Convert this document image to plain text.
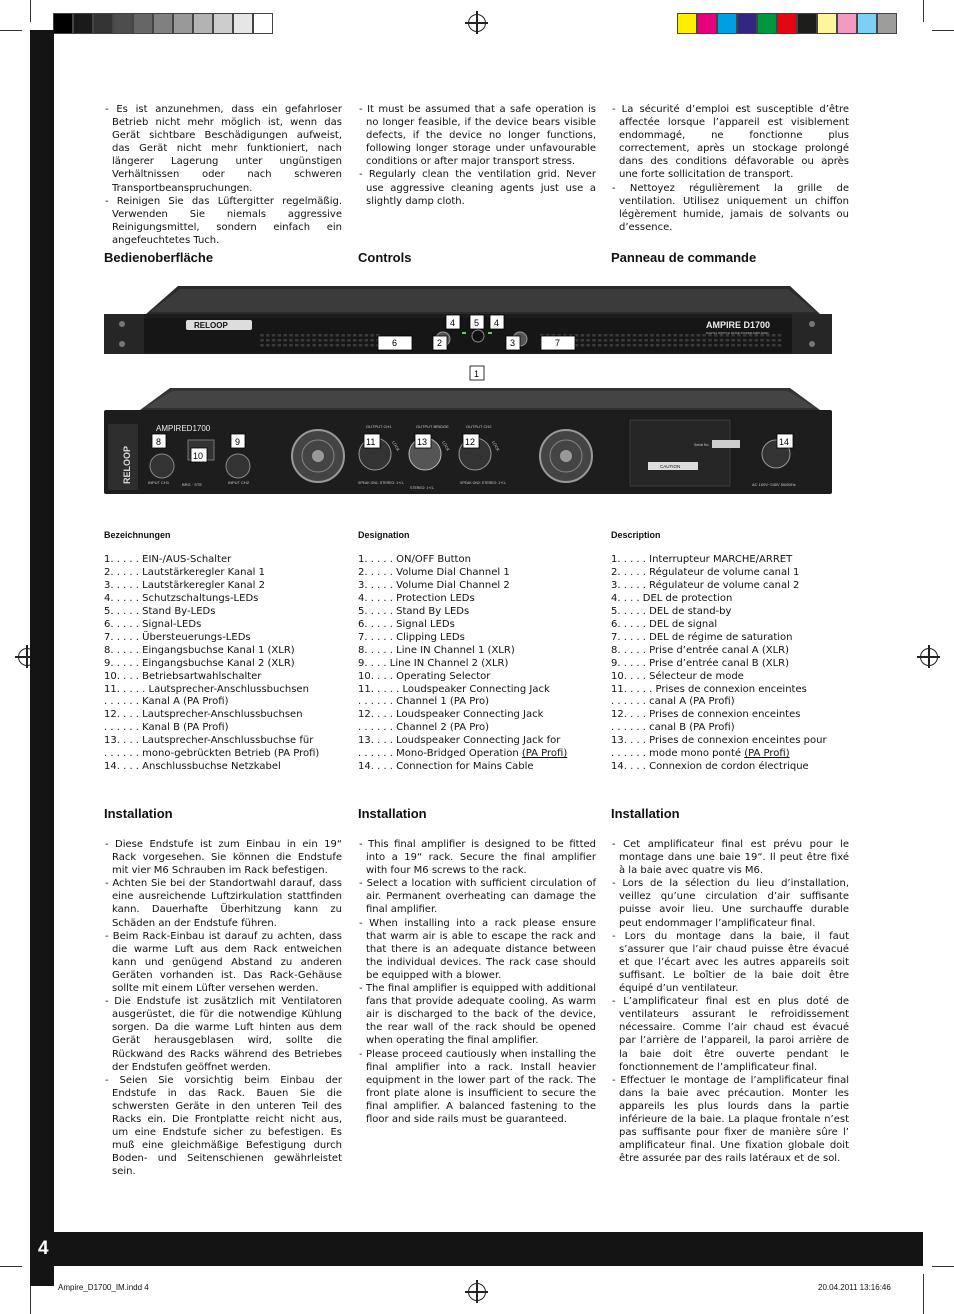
4

- Es ist anzunehmen, dass ein gefahrloser Betrieb nicht mehr möglich ist, wenn das Gerät sichtbare Beschädigungen aufweist, das Gerät nicht mehr funktioniert, nach längerer Lagerung unter ungünstigen Verhältnissen oder nach schweren Transportbeanspruchungen.

- Reinigen Sie das Lüftergitter regelmäßig. Verwenden Sie niemals aggressive Reinigungsmittel, sondern einfach ein angefeuchtetes Tuch.

- It must be assumed that a safe operation is no longer feasible, if the device bears visible defects, if the device no longer functions, following longer storage under unfavourable conditions or after major transport stress.

- Regularly clean the ventilation grid. Never use aggressive cleaning agents just use a slightly damp cloth.

- La sécurité d’emploi est susceptible d’être affectée lorsque l’appareil est visiblement endommagé, ne fonctionne plus correctement, après un stockage prolongé dans des conditions défavorable ou après une forte sollicitation de transport.

- Nettoyez régulièrement la grille de ventilation. Utilisez uniquement un chiffon légèrement humide, jamais de solvants ou d’essence.

Bedienoberfläche	Controls	Panneau de commande
RELOOP	AMPIRE D1700
DIGITAL SWITCH MODE POWER AMPLIFIER
4 5 4
6	2	3	7
1
RELOOP
AMPIRED1700
INPUT CH1	INPUT CH2
BRG · STE
OUTPUT CH1	OUTPUT BRIDGE	OUTPUT CH2
LOCK	LOCK	LOCK
SPEAK ON1: STEREO: 1+/1-
STEREO: 1+/1-
SPEAK ON2: STEREO: 1+/1-
CAUTION
Serial No.
AC 100V~240V 50/60Hz
8	9
10
11	13	12	14
Bezeichnungen	Designation	Description
1. . . . . EIN-/AUS-Schalter
2. . . . . Lautstärkeregler Kanal 1
3. . . . . Lautstärkeregler Kanal 2
4. . . . . Schutzschaltungs-LEDs
5. . . . . Stand By-LEDs
6. . . . . Signal-LEDs
7. . . . . Übersteuerungs-LEDs
8. . . . . Eingangsbuchse Kanal 1 (XLR)
9. . . . . Eingangsbuchse Kanal 2 (XLR)
10. . . . Betriebsartwahlschalter
11. . . . . Lautsprecher-Anschlussbuchsen
. . . . . . Kanal A (PA Profi)
12. . . . Lautsprecher-Anschlussbuchsen
. . . . . . Kanal B (PA Profi)
13. . . . Lautsprecher-Anschlussbuchse für
. . . . . . mono-gebrückten Betrieb (PA Profi)
14. . . . Anschlussbuchse Netzkabel
1. . . . . ON/OFF Button
2. . . . . Volume Dial Channel 1
3. . . . . Volume Dial Channel 2
4. . . . . Protection LEDs
5. . . . . Stand By LEDs
6. . . . . Signal LEDs
7. . . . . Clipping LEDs
8. . . . . Line IN Channel 1 (XLR)
9. . . . Line IN Channel 2 (XLR)
10. . . . Operating Selector
11. . . . . Loudspeaker Connecting Jack
. . . . . . Channel 1 (PA Pro)
12. . . . Loudspeaker Connecting Jack
. . . . . . Channel 2 (PA Pro)
13. . . . Loudspeaker Connecting Jack for
. . . . . . Mono-Bridged Operation (PA Profi)
14. . . . Connection for Mains Cable
1. . . . . Interrupteur MARCHE/ARRET
2. . . . . Régulateur de volume canal 1
3. . . . . Régulateur de volume canal 2
4. . . . DEL de protection
5. . . . . DEL de stand-by
6. . . . . DEL de signal
7. . . . . DEL de régime de saturation
8. . . . . Prise d’entrée canal A (XLR)
9. . . . . Prise d’entrée canal B (XLR)
10. . . . Sélecteur de mode
11. . . . . Prises de connexion enceintes
. . . . . . canal A (PA Profi)
12. . . . Prises de connexion enceintes
. . . . . . canal B (PA Profi)
13. . . . Prises de connexion enceintes pour
. . . . . . mode mono ponté (PA Profi)
14. . . . Connexion de cordon électrique
Installation	Installation	Installation

- Diese Endstufe ist zum Einbau in ein 19“ Rack vorgesehen. Sie können die Endstufe mit vier M6 Schrauben im Rack befestigen.

- Achten Sie bei der Standortwahl darauf, dass eine ausreichende Luftzirkulation stattfinden kann. Dauerhafte Überhitzung kann zu Schäden an der Endstufe führen.

- Beim Rack-Einbau ist darauf zu achten, dass die warme Luft aus dem Rack entweichen kann und genügend Abstand zu anderen Geräten vorhanden ist. Das Rack-Gehäuse sollte mit einem Lüfter versehen werden.

- Die Endstufe ist zusätzlich mit Ventilatoren ausgerüstet, die für die notwendige Kühlung sorgen. Da die warme Luft hinten aus dem Gerät herausgeblasen wird, sollte die Rückwand des Racks während des Betriebes der Endstufen geöffnet werden.

- Seien Sie vorsichtig beim Einbau der Endstufe in das Rack. Bauen Sie die schwersten Geräte in den unteren Teil des Racks ein. Die Frontplatte reicht nicht aus, um eine Endstufe sicher zu befestigen. Es muß eine gleichmäßige Befestigung durch Boden- und Seitenschienen gewährleistet sein.

- This final amplifier is designed to be fitted into a 19“ rack. Secure the final amplifier with four M6 screws to the rack.

- Select a location with sufficient circulation of air. Permanent overheating can damage the final amplifier.

- When installing into a rack please ensure that warm air is able to escape the rack and that there is an adequate distance between the individual devices. The rack case should be equipped with a blower.

- The final amplifier is equipped with additional fans that provide adequate cooling. As warm air is discharged to the back of the device, the rear wall of the rack should be opened when operating the final amplifier.

- Please proceed cautiously when installing the final amplifier into a rack. Install heavier equipment in the lower part of the rack. The front plate alone is insufficient to secure the final amplifier. A balanced fastening to the floor and side rails must be guaranteed.

- Cet amplificateur final est prévu pour le montage dans une baie 19“. Il peut être fixé à la baie avec quatre vis M6.

- Lors de la sélection du lieu d’installation, veillez qu’une circulation d’air suffisante puisse avoir lieu. Une surchauffe durable peut endommager l’amplificateur final.

- Lors du montage dans la baie, il faut s’assurer que l’air chaud puisse être évacué et que l’écart avec les autres appareils soit suffisant. Le boîtier de la baie doit être équipé d’un ventilateur.

- L’amplificateur final est en plus doté de ventilateurs assurant le refroidissement nécessaire. Comme l’air chaud est évacué par l’arrière de l’appareil, la paroi arrière de la baie doit être ouverte pendant le fonctionnement de l’amplificateur final.

- Effectuer le montage de l’amplificateur final dans la baie avec précaution. Monter les appareils les plus lourds dans la partie inférieure de la baie. La plaque frontale n’est pas suffisante pour fixer de manière sûre l’ amplificateur final. Une fixation globale doit être assurée par des rails latéraux et de sol.

Ampire_D1700_IM.indd 4	20.04.2011 13:16:46
